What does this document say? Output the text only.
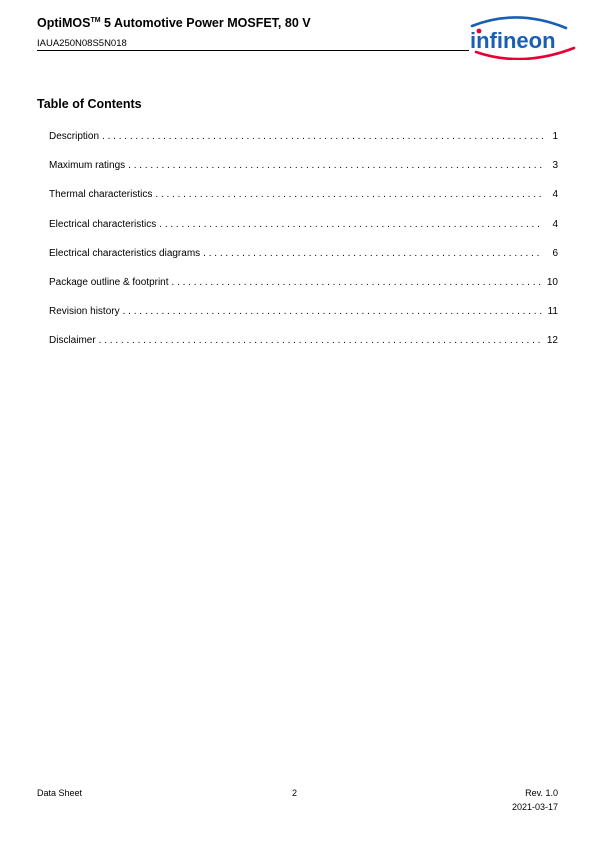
OptiMOS™ 5 Automotive Power MOSFET, 80 V
IAUA250N08S5N018	infineon
Table of Contents
Description . . .	1
Maximum ratings . . .	3
Thermal characteristics . . .	4
Electrical characteristics . . .	4
Electrical characteristics diagrams . . .	6
Package outline & footprint . . .	10
Revision history . . .	11
Disclaimer . . .	12
Data Sheet	2	Rev. 1.0
2021-03-17
